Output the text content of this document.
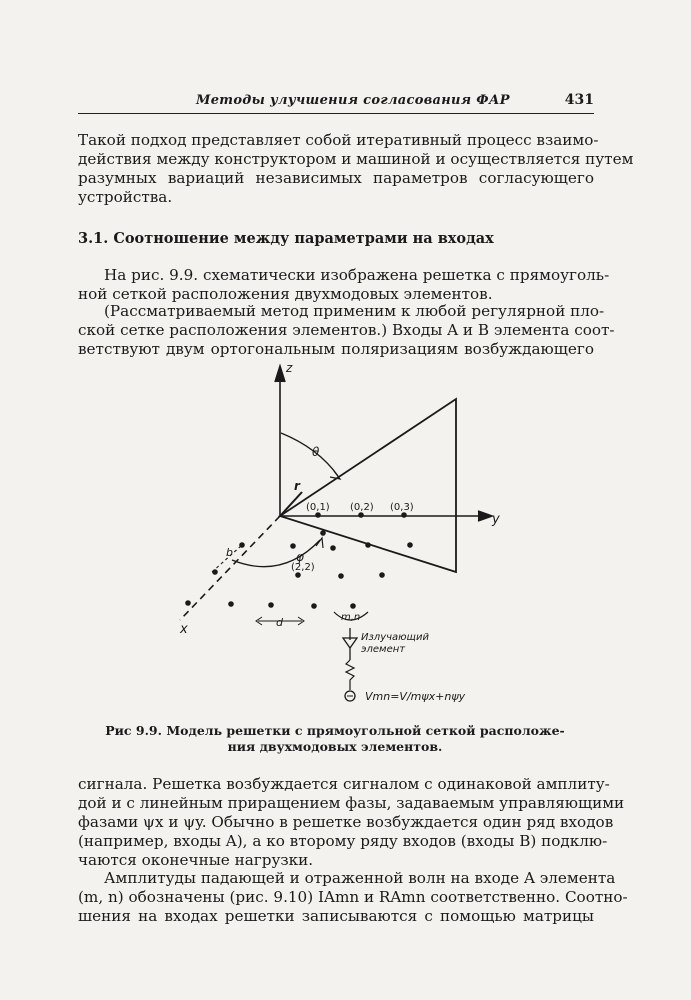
Методы улучшения согласования ФАР	431
Такой подход представляет собой итеративный процесс взаимо-
действия между конструктором и машиной и осуществляется путем
разумных вариаций независимых параметров согласующего
устройства.
3.1. Соотношение между параметрами на входах
На рис. 9.9. схематически изображена решетка с прямоуголь-
ной сеткой расположения двухмодовых элементов.
(Рассматриваемый метод применим к любой регулярной пло-
ской сетке расположения элементов.) Входы A и B элемента соот-
ветствуют двум ортогональным поляризациям возбуждающего
z
y
x
θ
φ
r
(0,1) (0,2) (0,3)
(2,2)
b
d	m,n
Излучающий
элемент
Vmn=V/mψx+nψy
Рис 9.9. Модель решетки с прямоугольной сеткой расположе-
ния двухмодовых элементов.
сигнала. Решетка возбуждается сигналом с одинаковой амплиту-
дой и с линейным приращением фазы, задаваемым управляющими
фазами ψx и ψy. Обычно в решетке возбуждается один ряд входов
(например, входы A), а ко второму ряду входов (входы B) подклю-
чаются оконечные нагрузки.
Амплитуды падающей и отраженной волн на входе A элемента
(m, n) обозначены (рис. 9.10) IAmn и RAmn соответственно. Соотно-
шения на входах решетки записываются с помощью матрицы
